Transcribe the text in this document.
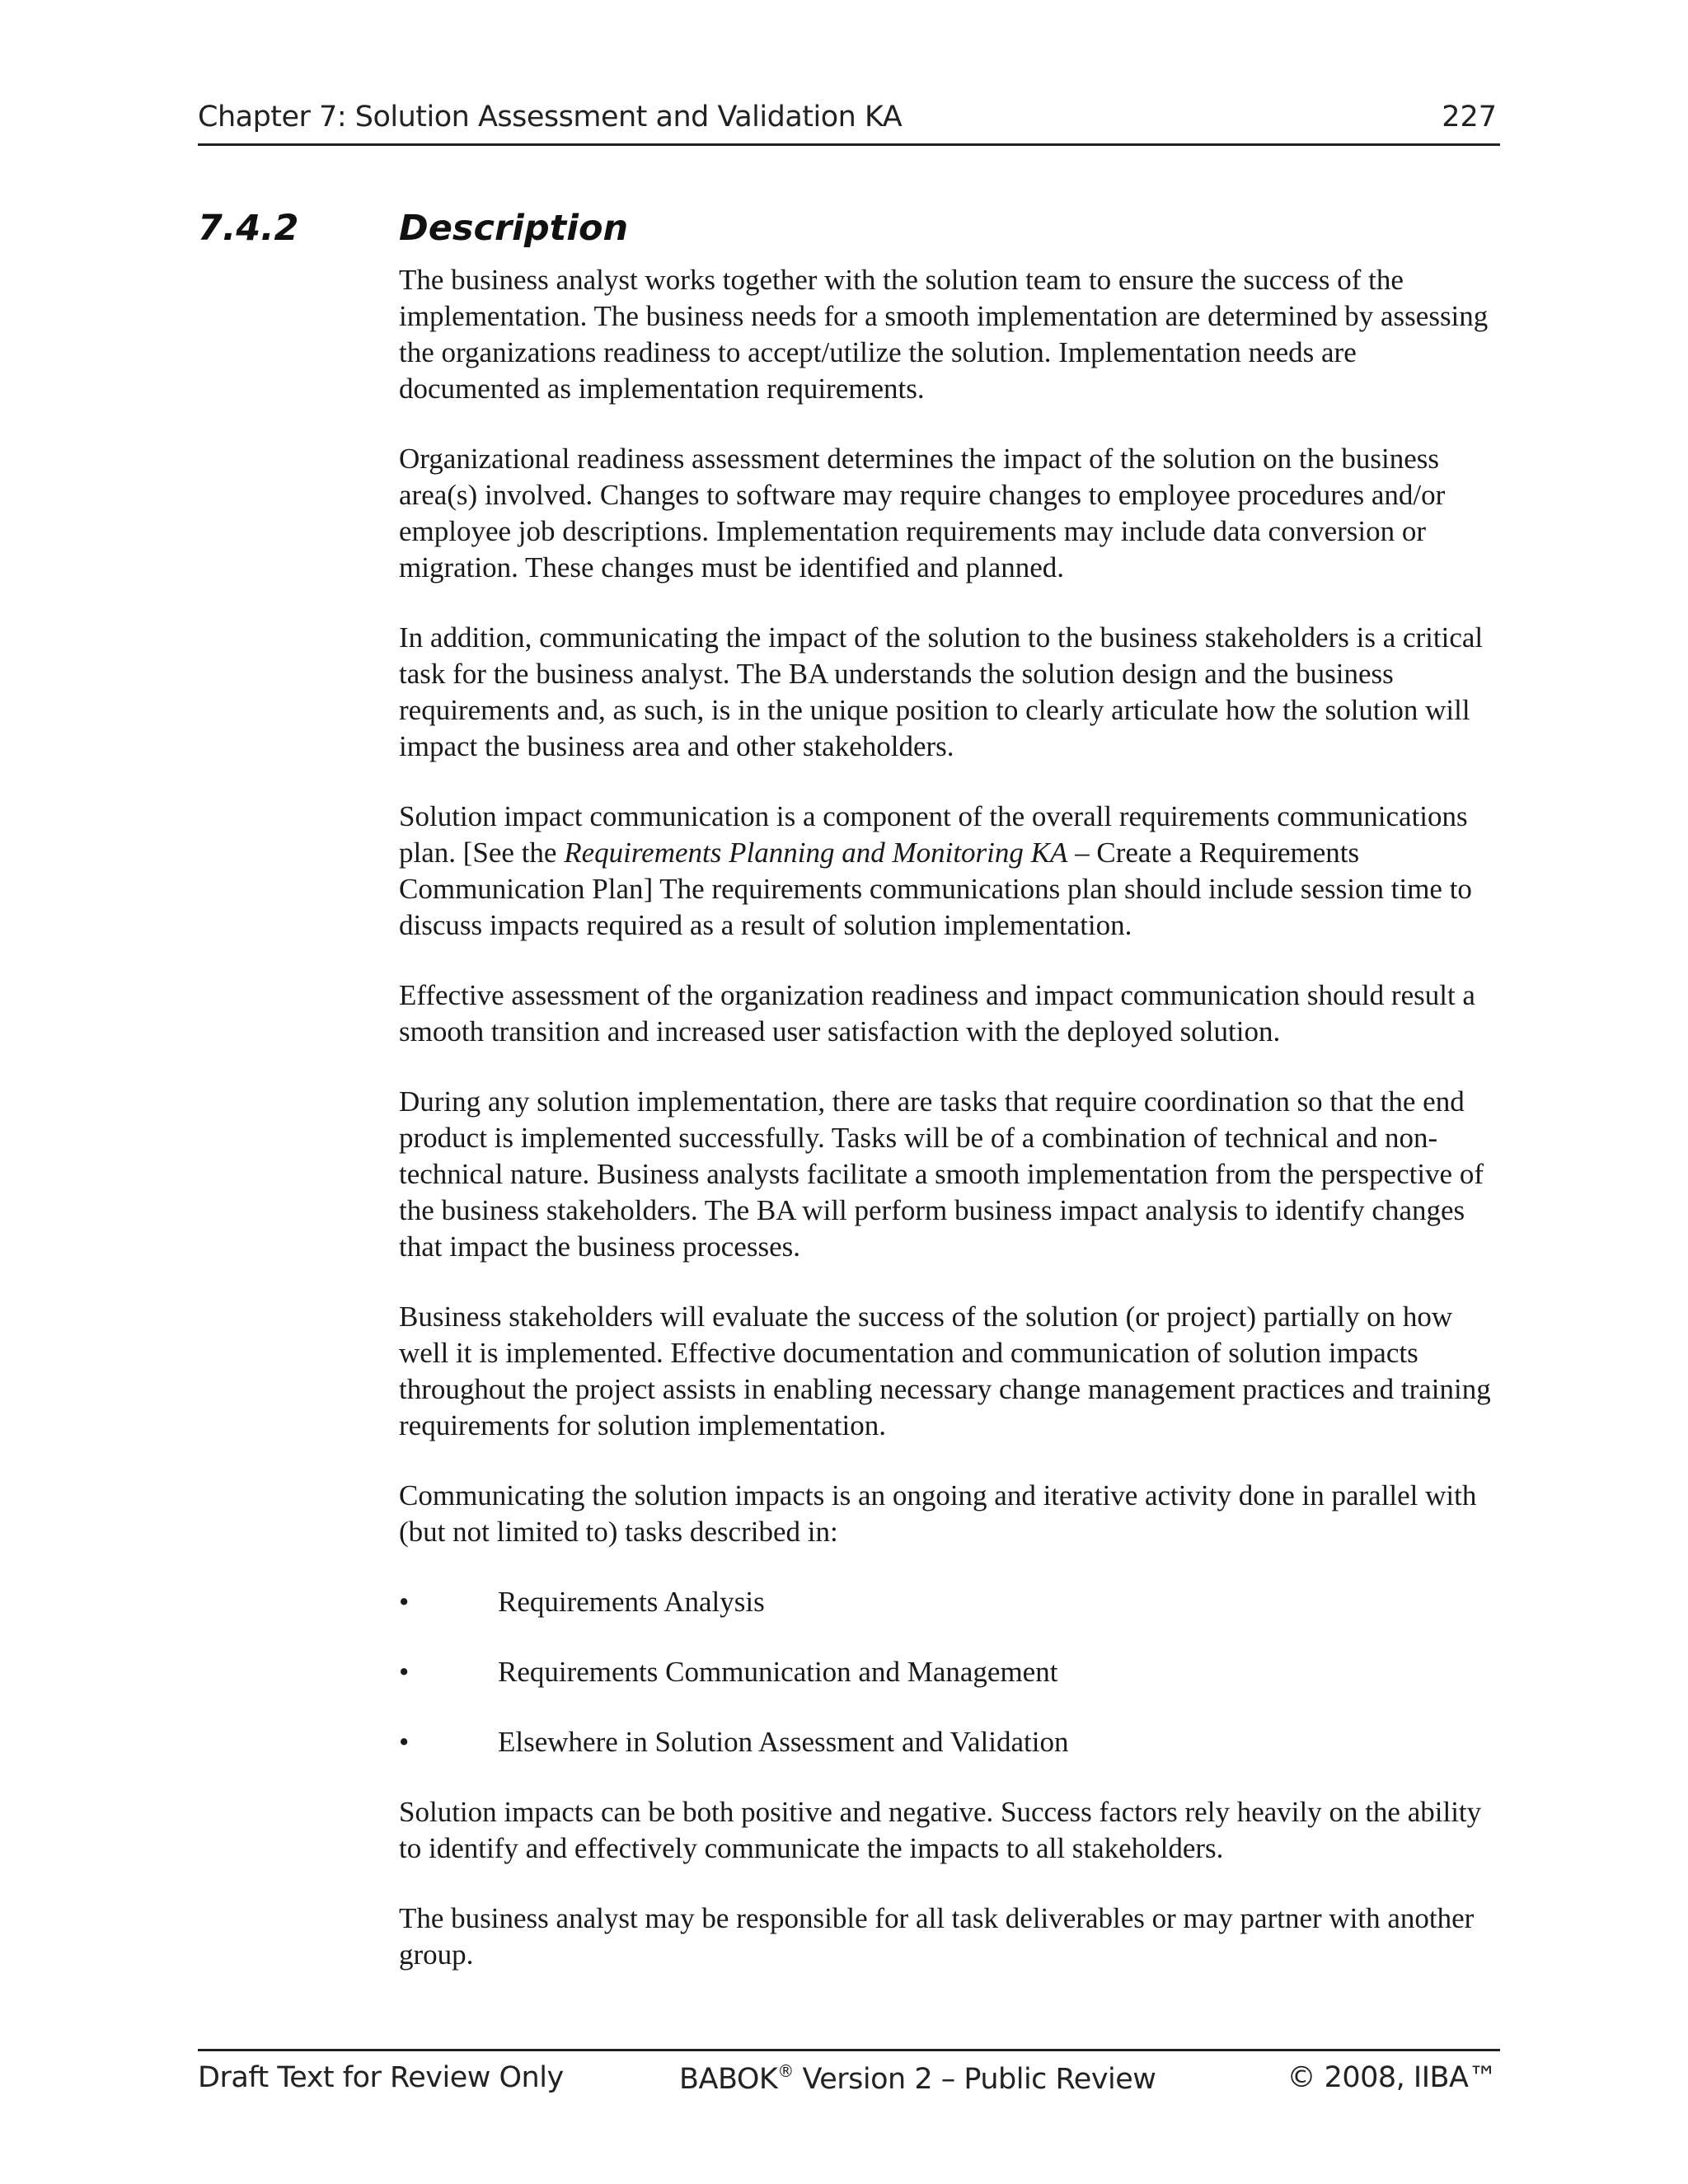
Chapter 7: Solution Assessment and Validation KA	227
7.4.2	Description

The business analyst works together with the solution team to ensure the success of the implementation. The business needs for a smooth implementation are determined by assessing the organizations readiness to accept/utilize the solution. Implementation needs are documented as implementation requirements.

Organizational readiness assessment determines the impact of the solution on the business area(s) involved. Changes to software may require changes to employee procedures and/or employee job descriptions. Implementation requirements may include data conversion or migration. These changes must be identified and planned.

In addition, communicating the impact of the solution to the business stakeholders is a critical task for the business analyst. The BA understands the solution design and the business requirements and, as such, is in the unique position to clearly articulate how the solution will impact the business area and other stakeholders.

Solution impact communication is a component of the overall requirements communications plan. [See the Requirements Planning and Monitoring KA – Create a Requirements Communication Plan] The requirements communications plan should include session time to discuss impacts required as a result of solution implementation.

Effective assessment of the organization readiness and impact communication should result a smooth transition and increased user satisfaction with the deployed solution.

During any solution implementation, there are tasks that require coordination so that the end product is implemented successfully. Tasks will be of a combination of technical and non-technical nature. Business analysts facilitate a smooth implementation from the perspective of the business stakeholders. The BA will perform business impact analysis to identify changes that impact the business processes.

Business stakeholders will evaluate the success of the solution (or project) partially on how well it is implemented. Effective documentation and communication of solution impacts throughout the project assists in enabling necessary change management practices and training requirements for solution implementation.

Communicating the solution impacts is an ongoing and iterative activity done in parallel with (but not limited to) tasks described in:

•	Requirements Analysis
•	Requirements Communication and Management
•	Elsewhere in Solution Assessment and Validation

Solution impacts can be both positive and negative. Success factors rely heavily on the ability to identify and effectively communicate the impacts to all stakeholders.

The business analyst may be responsible for all task deliverables or may partner with another group.

Draft Text for Review Only	BABOK® Version 2 – Public Review	© 2008, IIBA™
